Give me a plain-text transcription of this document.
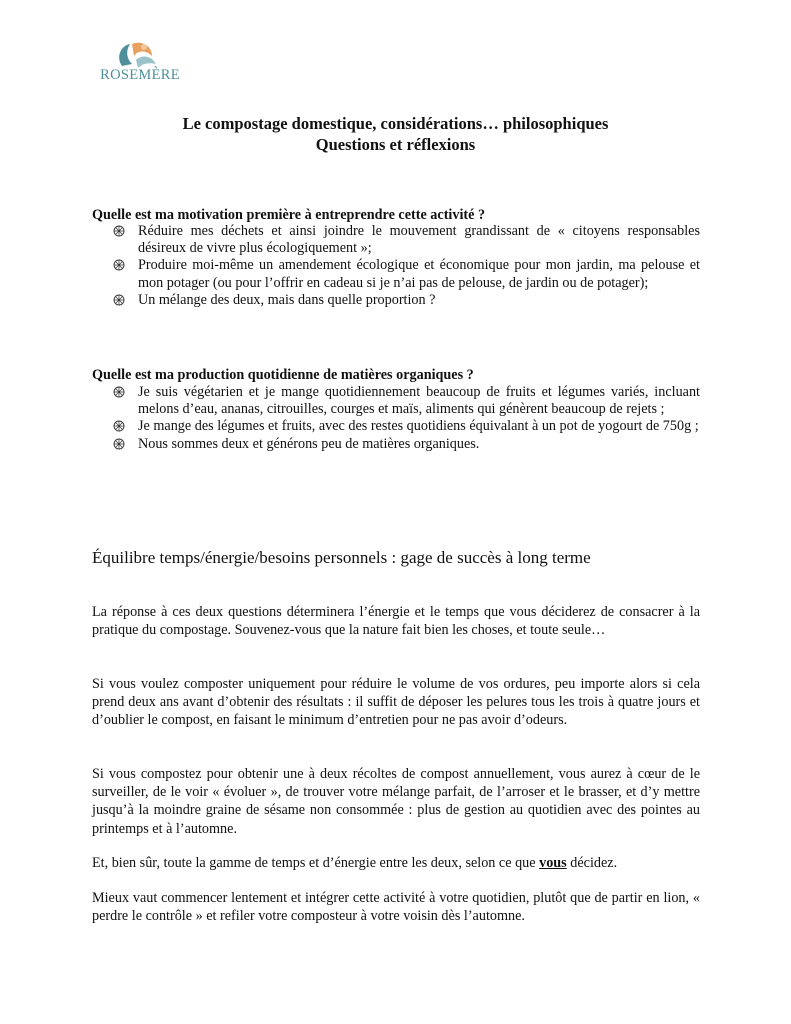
ROSEMÈRE
Le compostage domestique, considérations… philosophiques
Questions et réflexions
Quelle est ma motivation première à entreprendre cette activité ?
Réduire mes déchets et ainsi joindre le mouvement grandissant de « citoyens responsables désireux de vivre plus écologiquement »;
Produire moi-même un amendement écologique et économique pour mon jardin, ma pelouse et mon potager (ou pour l’offrir en cadeau si je n’ai pas de pelouse, de jardin ou de potager);
Un mélange des deux, mais dans quelle proportion ?
Quelle est ma production quotidienne de matières organiques ?
Je suis végétarien et je mange quotidiennement beaucoup de fruits et légumes variés, incluant melons d’eau, ananas, citrouilles, courges et maïs, aliments qui génèrent beaucoup de rejets ;
Je mange des légumes et fruits, avec des restes quotidiens équivalant à un pot de yogourt de 750g ;
Nous sommes deux et générons peu de matières organiques.
Équilibre temps/énergie/besoins personnels : gage de succès à long terme

La réponse à ces deux questions déterminera l’énergie et le temps que vous déciderez de consacrer à la pratique du compostage. Souvenez-vous que la nature fait bien les choses, et toute seule…

Si vous voulez composter uniquement pour réduire le volume de vos ordures, peu importe alors si cela prend deux ans avant d’obtenir des résultats : il suffit de déposer les pelures tous les trois à quatre jours et d’oublier le compost, en faisant le minimum d’entretien pour ne pas avoir d’odeurs.

Si vous compostez pour obtenir une à deux récoltes de compost annuellement, vous aurez à cœur de le surveiller, de le voir « évoluer », de trouver votre mélange parfait, de l’arroser et le brasser, et d’y mettre jusqu’à la moindre graine de sésame non consommée : plus de gestion au quotidien avec des pointes au printemps et à l’automne.

Et, bien sûr, toute la gamme de temps et d’énergie entre les deux, selon ce que vous décidez.

Mieux vaut commencer lentement et intégrer cette activité à votre quotidien, plutôt que de partir en lion, « perdre le contrôle » et refiler votre composteur à votre voisin dès l’automne.
